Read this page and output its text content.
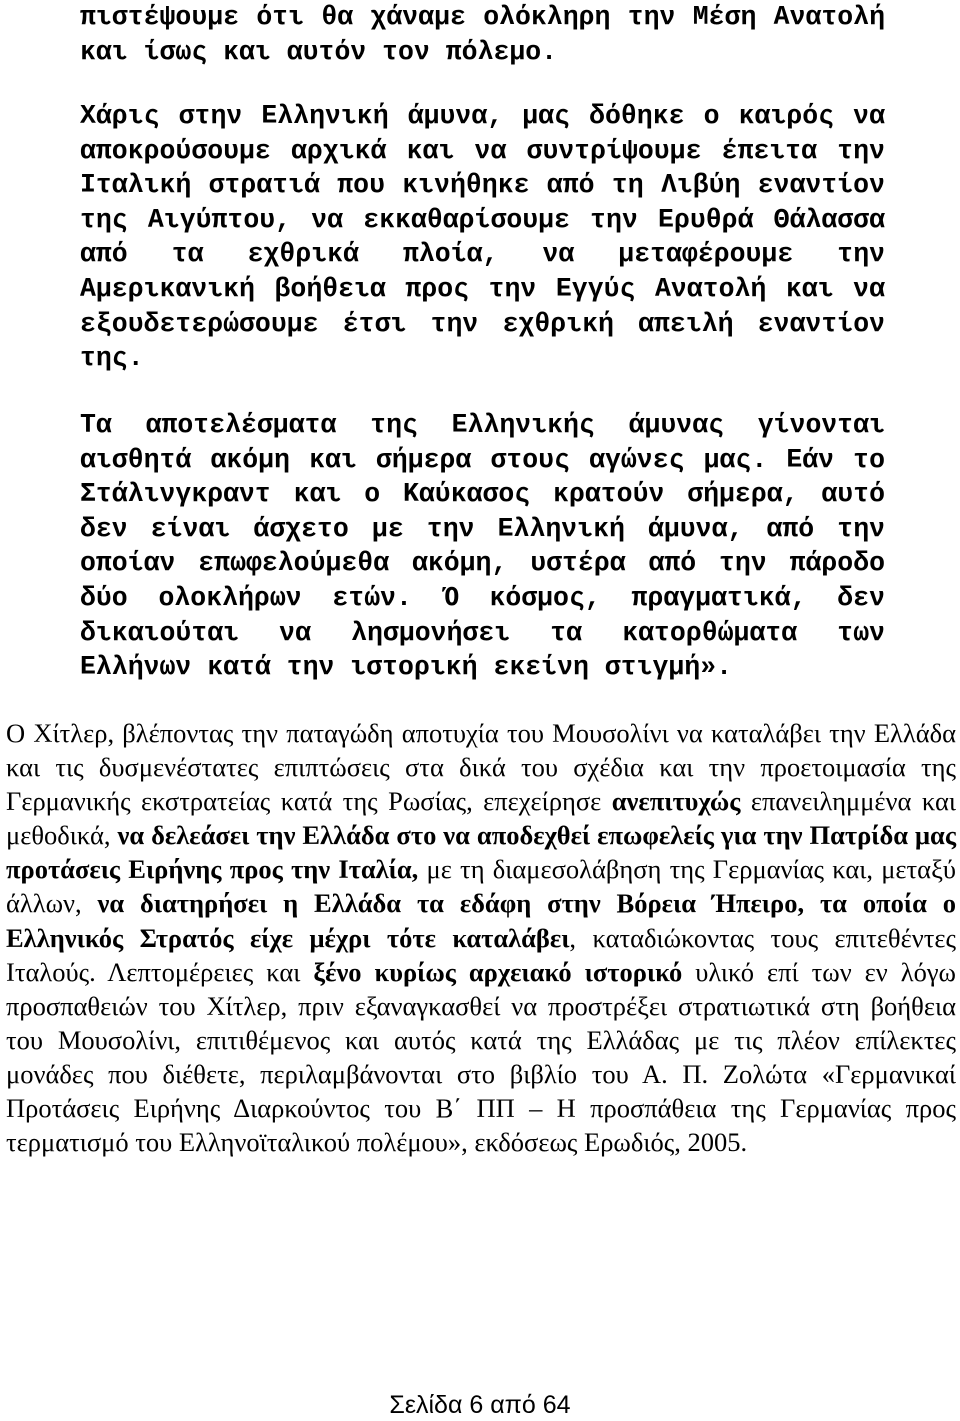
πιστέψουμε ότι θα χάναμε ολόκληρη την Μέση Ανατολή και ίσως και αυτόν τον πόλεμο.

Χάρις στην Ελληνική άμυνα, μας δόθηκε ο καιρός να αποκρούσουμε αρχικά και να συντρίψουμε έπειτα την Ιταλική στρατιά που κινήθηκε από τη Λιβύη εναντίον της Αιγύπτου, να εκκαθαρίσουμε την Ερυθρά Θάλασσα από τα εχθρικά πλοία, να μεταφέρουμε την Αμερικανική βοήθεια προς την Εγγύς Ανατολή και να εξουδετερώσουμε έτσι την εχθρική απειλή εναντίον της.

Τα αποτελέσματα της Ελληνικής άμυνας γίνονται αισθητά ακόμη και σήμερα στους αγώνες μας. Εάν το Στάλινγκραντ και ο Καύκασος κρατούν σήμερα, αυτό δεν είναι άσχετο με την Ελληνική άμυνα, από την οποίαν επωφελούμεθα ακόμη, υστέρα από την πάροδο δύο ολοκλήρων ετών. Ό κόσμος, πραγματικά, δεν δικαιούται να λησμονήσει τα κατορθώματα των Ελλήνων κατά την ιστορική εκείνη στιγμή».

Ο Χίτλερ, βλέποντας την παταγώδη αποτυχία του Μουσολίνι να καταλάβει την Ελλάδα και τις δυσμενέστατες επιπτώσεις στα δικά του σχέδια και την προετοιμασία της Γερμανικής εκστρατείας κατά της Ρωσίας, επεχείρησε ανεπιτυχώς επανειλημμένα και μεθοδικά, να δελεάσει την Ελλάδα στο να αποδεχθεί επωφελείς για την Πατρίδα μας προτάσεις Ειρήνης προς την Ιταλία, με τη διαμεσολάβηση της Γερμανίας και, μεταξύ άλλων, να διατηρήσει η Ελλάδα τα εδάφη στην Βόρεια Ήπειρο, τα οποία ο Ελληνικός Στρατός είχε μέχρι τότε καταλάβει, καταδιώκοντας τους επιτεθέντες Ιταλούς. Λεπτομέρειες και ξένο κυρίως αρχειακό ιστορικό υλικό επί των εν λόγω προσπαθειών του Χίτλερ, πριν εξαναγκασθεί να προστρέξει στρατιωτικά στη βοήθεια του Μουσολίνι, επιτιθέμενος και αυτός κατά της Ελλάδας με τις πλέον επίλεκτες μονάδες που διέθετε, περιλαμβάνονται στο βιβλίο του Α. Π. Ζολώτα «Γερμανικαί Προτάσεις Ειρήνης Διαρκούντος του Β΄ ΠΠ – Η προσπάθεια της Γερμανίας προς τερματισμό του Ελληνοϊταλικού πολέμου», εκδόσεως Ερωδιός, 2005.

Σελίδα 6 από 64
